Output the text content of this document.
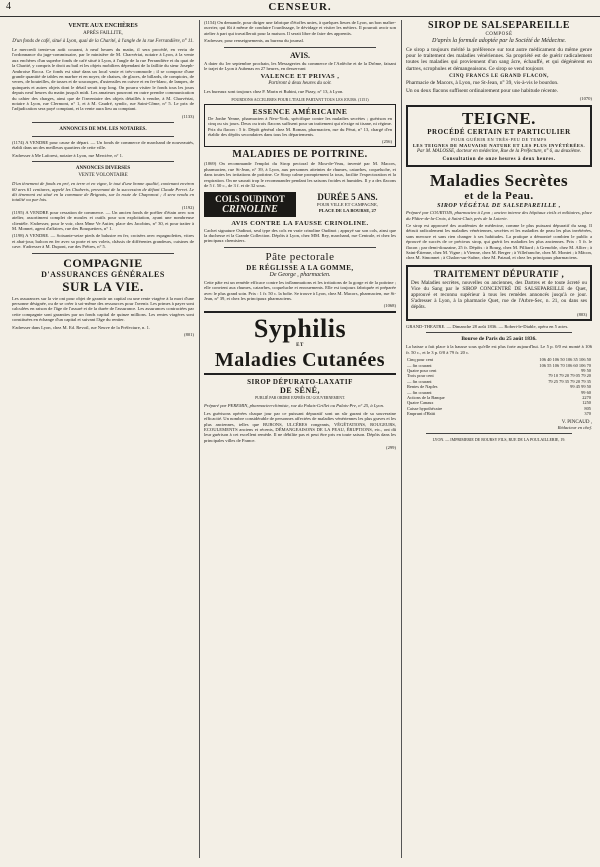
4	CENSEUR.
VENTE AUX ENCHÈRES
APRÈS FAILLITE,
D'un fonds de café, situé à Lyon, quai de la Charité, à l'angle de la rue Ferrandière, n° 11.

Le mercredi trente-un août courant, à neuf heures du matin, il sera procédé, en vertu de l'ordonnance du juge-commissaire, par le ministère de M. Charvériat, notaire à Lyon, à la vente aux enchères d'un superbe fonds de café situé à Lyon, à l'angle de la rue Ferrandière et du quai de la Charité, y compris le droit au bail et les objets mobiliers dépendant de la faillite du sieur Joseph-Ambroise Rocca. Ce fonds est situé dans un local vaste et très-commode ; il se compose d'une grande quantité de tables en marbre et en noyer, de chaises, de glaces, de billards, de comptoirs, de verres, de bouteilles, de tasses et de soucoupes, d'ustensiles en cuivre et en fer-blanc, de lampes, de quinquets et autres objets dont le détail serait trop long. On pourra visiter le fonds tous les jours depuis neuf heures du matin jusqu'à midi. Les amateurs pourront en outre prendre communication du cahier des charges, ainsi que de l'inventaire des objets détaillés à vendre, à M. Charvériat, notaire à Lyon, rue Clermont, n° 1, et à M. Caudré, syndic, rue Saint-Côme, n° 5. Le prix de l'adjudication sera payé comptant, et la vente aura lieu au comptant.

(1133)
ANNONCES DE MM. LES NOTAIRES.

(1174) A VENDRE pour cause de départ. — Un fonds de commerce de marchand de nouveautés, établi dans un des meilleurs quartiers de cette ville.

S'adresser à Me Laforest, notaire à Lyon, rue Mercière, n° 1.

ANNONCES DIVERSES
VENTE VOLONTAIRE

D'un tènement de fonds en pré, en terre et en vigne, le tout d'une bonne qualité, contenant environ 60 ares 61 centiares, appelé les Chaberts, provenant de la succession de défunt Claude Perret. Le dit tènement est situé en la commune de Brignais, sur la route de Chaponost ; il sera vendu en totalité ou par lots.

(1192)

(1195) A VENDRE pour cessation de commerce. — Un ancien fonds de poëlier d'étain avec son atelier, assortiment complet de moules et outils pour son exploitation, ayant une nombreuse clientèle. S'adresser, pour le voir, chez Mme Ve Autier, place des Jacobins, n° 30, et pour traiter à M. Monnet, agent d'affaires, rue des Bouquetiers, n° 1.

(1198) A VENDRE. — Soixante-seize pieds de balustre en fer, croisées avec espagnolettes, vitres et abat-jour, balcon en fer avec sa porte et ses volets, châssis de différentes grandeurs, cuisines de cave. S'adresser à M. Dupont, rue des Prêtres, n° 5.

COMPAGNIE
D'ASSURANCES GÉNÉRALES
SUR LA VIE.

Les assurances sur la vie ont pour objet de garantir un capital ou une rente viagère à la mort d'une personne désignée, ou de se créer à soi-même des ressources pour l'avenir. Les primes à payer sont calculées en raison de l'âge de l'assuré et de la durée de l'assurance. Les assurances contractées par cette compagnie sont garanties par un fonds capital de quinze millions. Les rentes viagères sont constituées en échange d'un capital et suivant l'âge du rentier.

S'adresser dans Lyon, chez M. Ed. Revoil, rue Neuve de la Préfecture, n. 1.

(801)

(1154) On demande, pour diriger une fabrique d'étoffes unies, à quelques lieues de Lyon, un bon maître-ouvrier, qui fût à même de conduire l'ourdissage, le dévidage et visiter les métiers. Il pourrait avoir son atelier à part qui travaillerait pour la maison. Il serait libre de faire des apprentis.

S'adresser, pour renseignements, au bureau du journal.

AVIS.

A dater du 1er septembre prochain, les Messageries du commerce de l'Ardèche et de la Drôme, faisant le trajet de Lyon à Aubenas en 27 heures, en desservant

VALENCE ET PRIVAS ,
Partiront à deux heures du soir.

Les bureaux sont toujours chez P. Marin et Rubini, rue Pizay, n° 13, à Lyon.

POURDONS ACCELERES POUR L'ITALIE PARTANT TOUS LES JOURS. (1151)
ESSENCE AMÉRICAINE

De Jonhe Yenne, pharmacien à New-York, spécifique contre les maladies secrètes ; guérison en cinq ou six jours. Deux ou trois flacons suffisent pour un traitement qui n'exige ni tisane, ni régime. Prix du flacon : 5 fr. Dépôt général chez M. Roman, pharmacien, rue du Pérat, n° 13, chargé d'en établir des dépôts secondaires dans tous les départements.

(256)
MALADIES DE POITRINE.

(1069) On recommande l'emploi du Sirop pectoral de Mou-de-Veau, inventé par M. Macors, pharmacien, rue St-Jean, n° 39, à Lyon, aux personnes atteintes de rhumes, catarrhes, coqueluche, et dans toutes les irritations de poitrine. Ce Sirop calme promptement la toux, facilite l'expectoration et la respiration. On ne saurait trop le recommander pendant les saisons froides et humides. Il y a des flacons de 5 f. 50 c., de 3 f. et de 32 sous.

COLS OUDINOT
CRINOLINE
DURÉE 5 ANS.
POUR VILLE ET CAMPAGNE,
PLACE DE LA BOURSE, 27
AVIS CONTRE LA FAUSSE CRINOLINE.

Cachet signature Oudinot, seul type des cols en vraie crinoline Oudinot ; appuyé sur son cols, ainsi que la duchesse et la Grande Collection. Dépôts à Lyon, chez MM. Rey, marchand, rue Centrale, et chez les principaux chemisiers.

Pâte pectorale
DE RÉGLISSE A LA GOMME,
De George , pharmacien.

Cette pâte est un remède efficace contre les inflammations et les irritations de la gorge et de la poitrine ; elle convient aux rhumes, catarrhes, coqueluche et enrouements. Elle est toujours fabriquée et préparée avec le plus grand soin. Prix : 1 fr. 50 c. la boîte. Se trouve à Lyon, chez M. Macors, pharmacien, rue St-Jean, n° 39, et chez les principaux pharmaciens.

(1068)
Syphilis
ET
Maladies Cutanées
SIROP DÉPURATO-LAXATIF
DE SÉNÉ,
PUBLIÉ PAR ORDRE EXPRÈS DU GOUVERNEMENT.

Préparé par PEREMIN, pharmacien-chimiste, rue du Palais-Grillet ou Palais-Pre, n° 25, à Lyon.

Les guérisons opérées chaque jour par ce puissant dépuratif sont un sûr garant de sa souveraine efficacité. Un nombre considérable de personnes affectées de maladies vénériennes les plus graves et les plus anciennes, telles que BUBONS, ULCÈRES rongeants, VÉGÉTATIONS, ROUGEURS, ECOULEMENTS anciens et récents, DÉMANGEAISONS DE LA PEAU, ÉRUPTIONS, etc., ont dû leur guérison à cet excellent remède. Il ne débilite pas et peut être pris en toute saison. Dépôts dans les principales villes de France.

(299)
SIROP DE SALSEPAREILLE
COMPOSÉ
D'après la formule adoptée par la Société de Médecine.

Ce sirop a toujours mérité la préférence sur tout autre médicament du même genre pour le traitement des maladies vénériennes. Sa propriété est de guérir radicalement toutes les maladies qui proviennent d'un sang âcre, échauffé, et qui dégénèrent en dartres, scrophules et démangeaisons. Ce sirop se vend toujours

CINQ FRANCS LE GRAND FLACON,

Pharmacie de Macors, à Lyon, rue St-Jean, n° 39, vis-à-vis le bourdon.

Un ou deux flacons suffisent ordinairement pour une habitude récente.

(1070)
TEIGNE.
PROCÉDÉ CERTAIN ET PARTICULIER
POUR GUÉRIR EN TRÈS-PEU DE TEMPS
LES TEIGNES DE MAUVAISE NATURE ET LES PLUS INVÉTÉRÉES.
Par M. MALOSSE, docteur en médecine, Rue de la Préfecture, n° 6, au deuxième.
Consultation de onze heures à deux heures.
Maladies Secrètes
et de la Peau.
SIROP VÉGÉTAL DE SALSEPAREILLE ,

Préparé par COURTOIS, pharmacien à Lyon ; ancien interne des hôpitaux civils et militaires, place du Plâtre-de-la-Croix, à Saint-Clair, près de la Loterie.

Ce sirop est approuvé des académies de médecine, comme le plus puissant dépuratif du sang. Il détruit radicalement les maladies vénériennes, secrètes et les maladies de peau les plus invétérées, sans mercure et sans rien changer à ses habitudes. La pratique a démontré combien le public a éprouvé de succès de ce précieux sirop, qui guérit les maladies les plus anciennes. Prix : 5 fr. le flacon ; par demi-douzaine, 25 fr. Dépôts : à Bourg, chez M. Pilliard ; à Grenoble, chez M. Allier ; à Saint-Étienne, chez M. Vigne ; à Vienne, chez M. Berger ; à Villefranche, chez M. Montet ; à Mâcon, chez M. Simonnet ; à Chalon-sur-Saône, chez M. Pataud, et chez les principaux pharmaciens.

TRAITEMENT DÉPURATIF ,

Des Maladies secrètes, nouvelles ou anciennes, des Dartres et de toute âcreté ou Vice du Sang par le SIROP CONCENTRÉ DE SALSEPAREILLE de Quet, approuvé et reconnu supérieur à tous les remèdes annoncés jusqu'à ce jour. S'adresser à Lyon, à la pharmacie Quet, rue de l'Arbre-Sec, n. 21, ou dans ses dépôts.

(803)

GRAND-THEATRE. — Dimanche 28 août 1836. — Robert-le-Diable, opéra en 5 actes.

Bourse de Paris du 25 août 1836.

La baisse a fait place à la hausse sous qu'elle est plus forte aujourd'hui. Le 5 p. 0/0 est monté à 106 fr. 50 c., et le 3 p. 0/0 à 79 fr. 20 c.

Cinq pour cent	106 40 106 50 106 35 106 50
— fin courant	106 55 106 70 106 60 106 70
Quatre pour cent	99 50
Trois pour cent	79 10 79 20 79 05 79 20
— fin courant	79 25 79 35 79 20 79 35
Rentes de Naples	99 45 99 50
— fin courant	99 60
Actions de la Banque	2270
Quatre Canaux	1250
Caisse hypothécaire	805
Emprunt d'Haïti	370
V. PINCAUD ,
Rédacteur en chef.
LYON. — IMPRIMERIE DE BOURSY FILS, RUE DE LA POULAILLERIE, 19.
